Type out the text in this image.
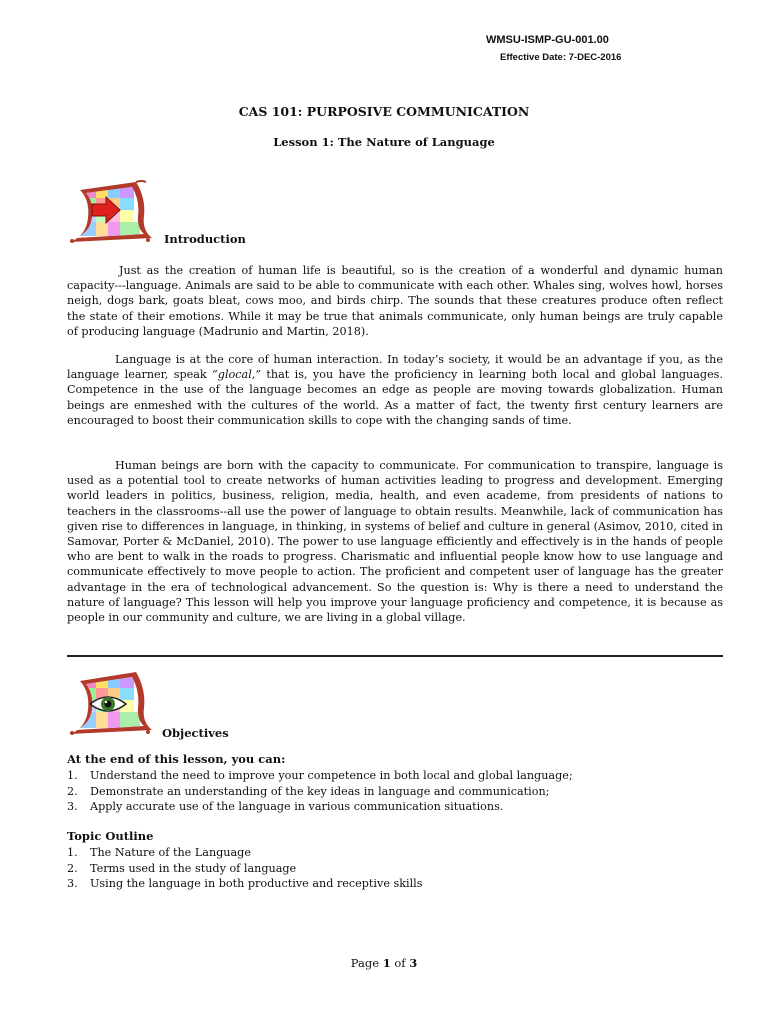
WMSU-ISMP-GU-001.00
Effective Date: 7-DEC-2016
CAS 101: PURPOSIVE COMMUNICATION
Lesson 1: The Nature of Language
Introduction

Just as the creation of human life is beautiful, so is the creation of a wonderful and dynamic human capacity---language. Animals are said to be able to communicate with each other. Whales sing, wolves howl, horses neigh, dogs bark, goats bleat, cows moo, and birds chirp. The sounds that these creatures produce often reflect the state of their emotions. While it may be true that animals communicate, only human beings are truly capable of producing language (Madrunio and Martin, 2018).

Language is at the core of human interaction. In today’s society, it would be an advantage if you, as the language learner, speak “glocal,” that is, you have the proficiency in learning both local and global languages. Competence in the use of the language becomes an edge as people are moving towards globalization. Human beings are enmeshed with the cultures of the world. As a matter of fact, the twenty first century learners are encouraged to boost their communication skills to cope with the changing sands of time.

Human beings are born with the capacity to communicate. For communication to transpire, language is used as a potential tool to create networks of human activities leading to progress and development. Emerging world leaders in politics, business, religion, media, health, and even academe, from presidents of nations to teachers in the classrooms--all use the power of language to obtain results. Meanwhile, lack of communication has given rise to differences in language, in thinking, in systems of belief and culture in general (Asimov, 2010, cited in Samovar, Porter & McDaniel, 2010). The power to use language efficiently and effectively is in the hands of people who are bent to walk in the roads to progress. Charismatic and influential people know how to use language and communicate effectively to move people to action. The proficient and competent user of language has the greater advantage in the era of technological advancement. So the question is: Why is there a need to understand the nature of language? This lesson will help you improve your language proficiency and competence, it is because as people in our community and culture, we are living in a global village.

Objectives
At the end of this lesson, you can:
1. Understand the need to improve your competence in both local and global language;
2. Demonstrate an understanding of the key ideas in language and communication;
3. Apply accurate use of the language in various communication situations.
Topic Outline
1. The Nature of the Language
2. Terms used in the study of language
3. Using the language in both productive and receptive skills
Page 1 of 3
